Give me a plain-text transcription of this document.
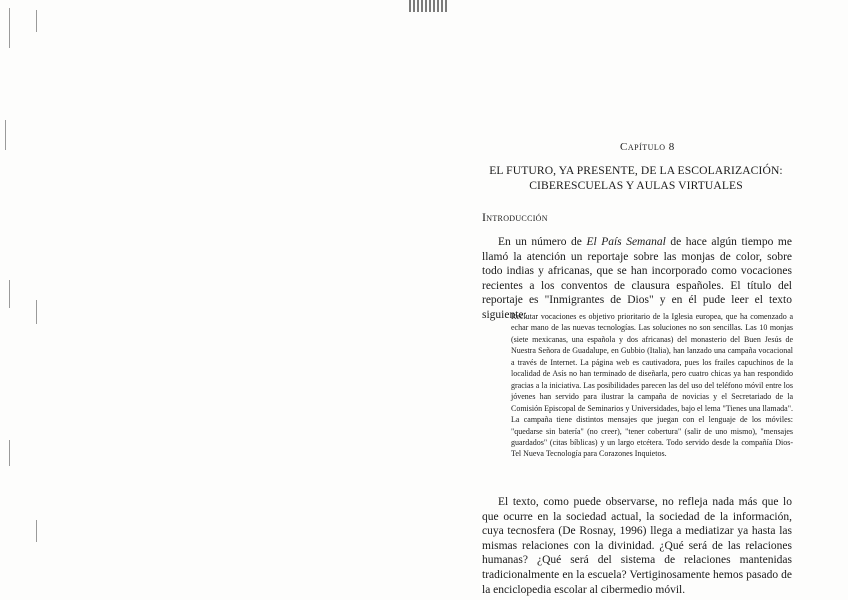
Capítulo 8
EL FUTURO, YA PRESENTE, DE LA ESCOLARIZACIÓN: CIBERESCUELAS Y AULAS VIRTUALES
Introducción

En un número de El País Semanal de hace algún tiempo me llamó la atención un reportaje sobre las monjas de color, sobre todo indias y africanas, que se han incorporado como vocaciones recientes a los conventos de clausura españoles. El título del reportaje es "Inmigrantes de Dios" y en él pude leer el texto siguiente:

Reclutar vocaciones es objetivo prioritario de la Iglesia europea, que ha comenzado a echar mano de las nuevas tecnologías. Las soluciones no son sencillas. Las 10 monjas (siete mexicanas, una española y dos africanas) del monasterio del Buen Jesús de Nuestra Señora de Guadalupe, en Gubbio (Italia), han lanzado una campaña vocacional a través de Internet. La página web es cautivadora, pues los frailes capuchinos de la localidad de Asís no han terminado de diseñarla, pero cuatro chicas ya han respondido gracias a la iniciativa. Las posibilidades parecen las del uso del teléfono móvil entre los jóvenes han servido para ilustrar la campaña de novicias y el Secretariado de la Comisión Episcopal de Seminarios y Universidades, bajo el lema "Tienes una llamada". La campaña tiene distintos mensajes que juegan con el lenguaje de los móviles: "quedarse sin batería" (no creer), "tener cobertura" (salir de uno mismo), "mensajes guardados" (citas bíblicas) y un largo etcétera. Todo servido desde la compañía Dios-Tel Nueva Tecnología para Corazones Inquietos.

El texto, como puede observarse, no refleja nada más que lo que ocurre en la sociedad actual, la sociedad de la información, cuya tecnosfera (De Rosnay, 1996) llega a mediatizar ya hasta las mismas relaciones con la divinidad. ¿Qué será de las relaciones humanas? ¿Qué será del sistema de relaciones mantenidas tradicionalmente en la escuela? Vertiginosamente hemos pasado de la enciclopedia escolar al cibermedio móvil.
